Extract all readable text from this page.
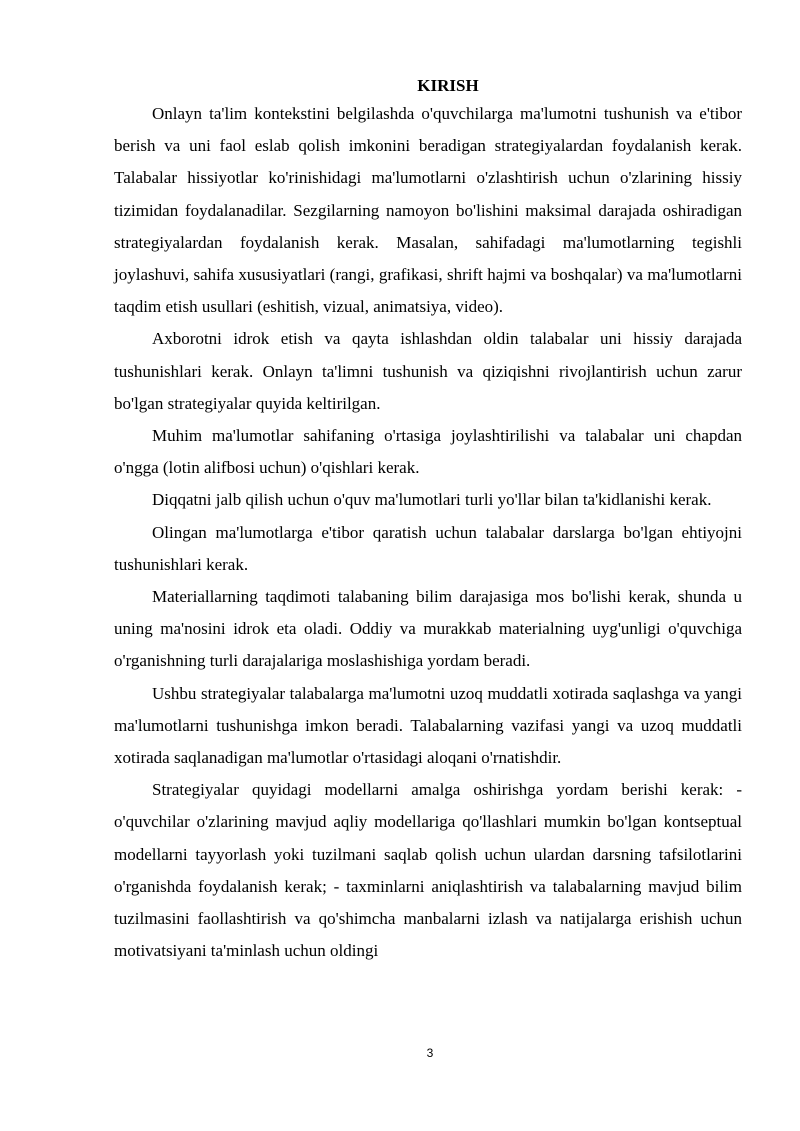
KIRISH

Onlayn ta'lim kontekstini belgilashda o'quvchilarga ma'lumotni tushunish va e'tibor berish va uni faol eslab qolish imkonini beradigan strategiyalardan foydalanish kerak. Talabalar hissiyotlar ko'rinishidagi ma'lumotlarni o'zlashtirish uchun o'zlarining hissiy tizimidan foydalanadilar. Sezgilarning namoyon bo'lishini maksimal darajada oshiradigan strategiyalardan foydalanish kerak. Masalan, sahifadagi ma'lumotlarning tegishli joylashuvi, sahifa xususiyatlari (rangi, grafikasi, shrift hajmi va boshqalar) va ma'lumotlarni taqdim etish usullari (eshitish, vizual, animatsiya, video).

Axborotni idrok etish va qayta ishlashdan oldin talabalar uni hissiy darajada tushunishlari kerak. Onlayn ta'limni tushunish va qiziqishni rivojlantirish uchun zarur bo'lgan strategiyalar quyida keltirilgan.

Muhim ma'lumotlar sahifaning o'rtasiga joylashtirilishi va talabalar uni chapdan o'ngga (lotin alifbosi uchun) o'qishlari kerak.

Diqqatni jalb qilish uchun o'quv ma'lumotlari turli yo'llar bilan ta'kidlanishi kerak.

Olingan ma'lumotlarga e'tibor qaratish uchun talabalar darslarga bo'lgan ehtiyojni tushunishlari kerak.

Materiallarning taqdimoti talabaning bilim darajasiga mos bo'lishi kerak, shunda u uning ma'nosini idrok eta oladi. Oddiy va murakkab materialning uyg'unligi o'quvchiga o'rganishning turli darajalariga moslashishiga yordam beradi.

Ushbu strategiyalar talabalarga ma'lumotni uzoq muddatli xotirada saqlashga va yangi ma'lumotlarni tushunishga imkon beradi. Talabalarning vazifasi yangi va uzoq muddatli xotirada saqlanadigan ma'lumotlar o'rtasidagi aloqani o'rnatishdir.

Strategiyalar quyidagi modellarni amalga oshirishga yordam berishi kerak: - o'quvchilar o'zlarining mavjud aqliy modellariga qo'llashlari mumkin bo'lgan kontseptual modellarni tayyorlash yoki tuzilmani saqlab qolish uchun ulardan darsning tafsilotlarini o'rganishda foydalanish kerak; - taxminlarni aniqlashtirish va talabalarning mavjud bilim tuzilmasini faollashtirish va qo'shimcha manbalarni izlash va natijalarga erishish uchun motivatsiyani ta'minlash uchun oldingi

3
